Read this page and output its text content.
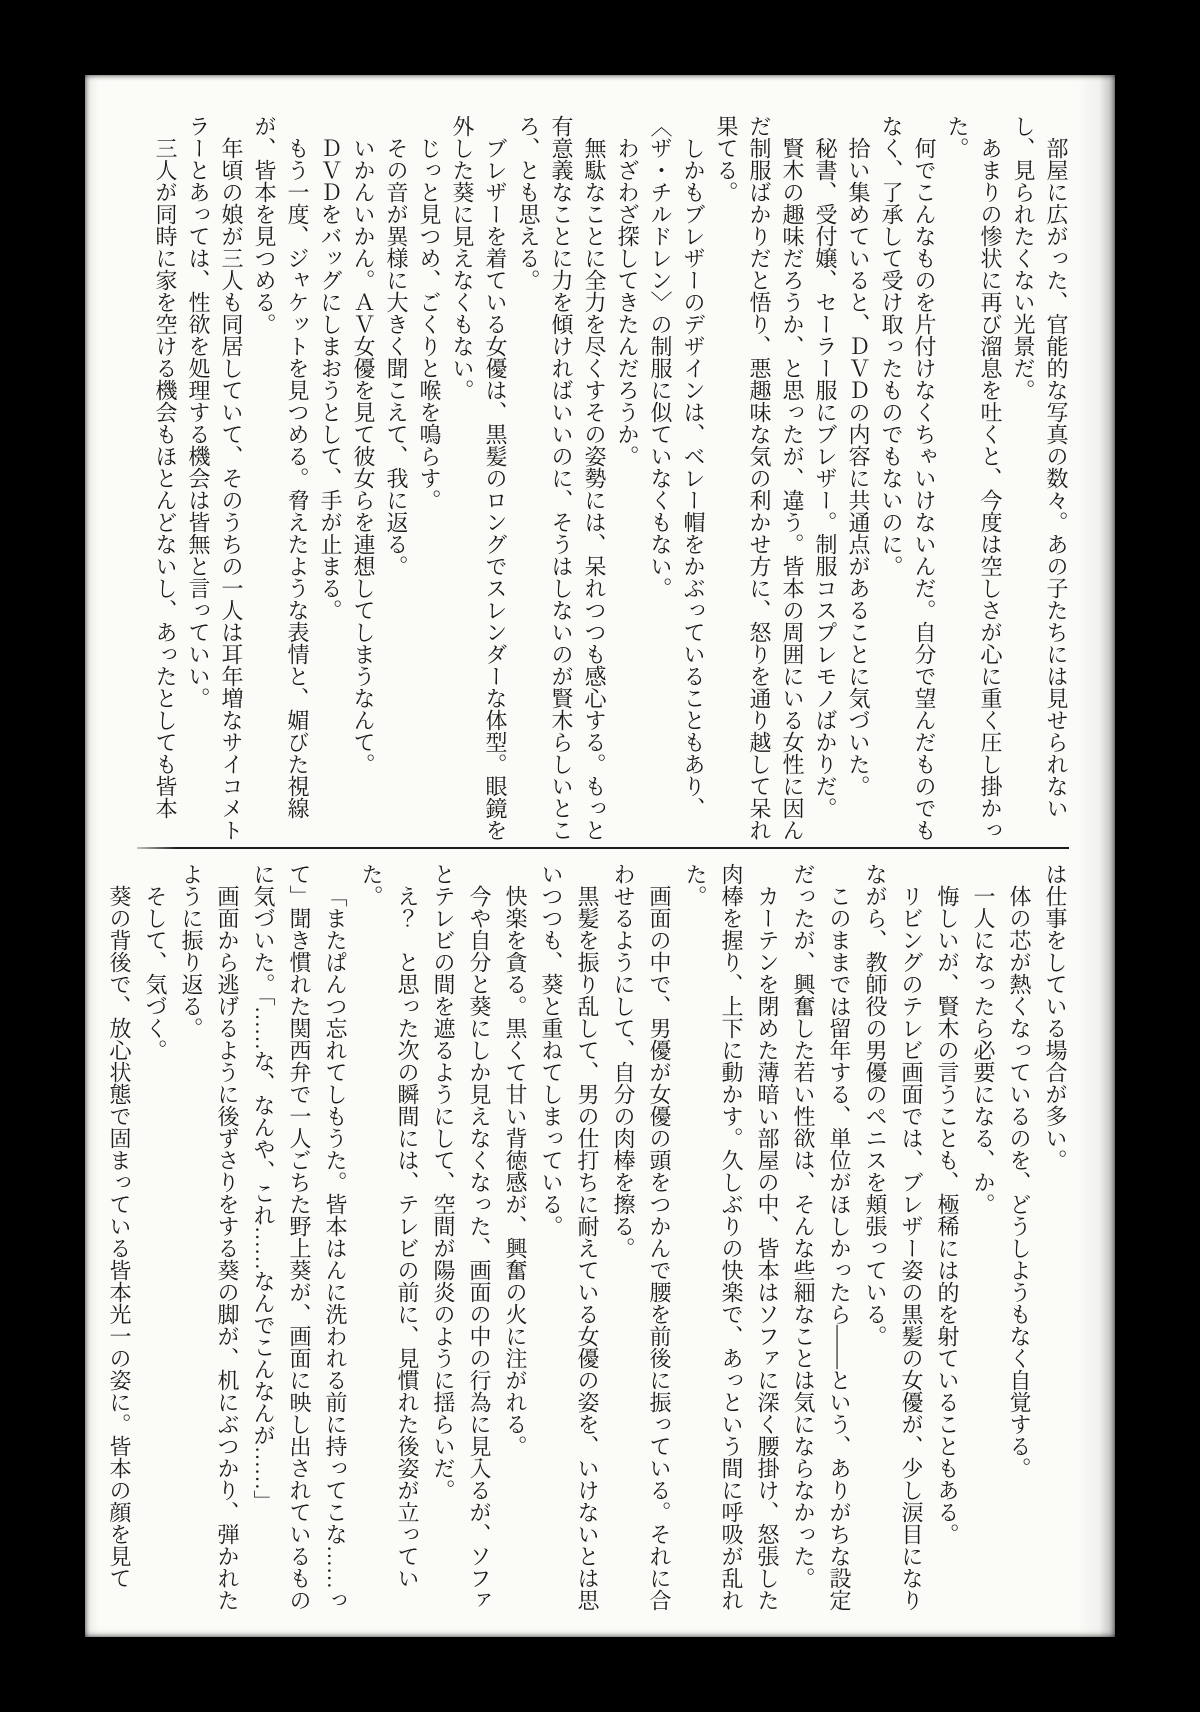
部屋に広がった、官能的な写真の数々。あの子たちには見せられないし、見られたくない光景だ。

あまりの惨状に再び溜息を吐くと、今度は空しさが心に重く圧し掛かった。

何でこんなものを片付けなくちゃいけないんだ。自分で望んだものでもなく、了承して受け取ったものでもないのに。

拾い集めていると、ＤＶＤの内容に共通点があることに気づいた。

秘書、受付嬢、セーラー服にブレザー。制服コスプレモノばかりだ。

賢木の趣味だろうか、と思ったが、違う。皆本の周囲にいる女性に因んだ制服ばかりだと悟り、悪趣味な気の利かせ方に、怒りを通り越して呆れ果てる。

しかもブレザーのデザインは、ベレー帽をかぶっていることもあり、〈ザ・チルドレン〉の制服に似ていなくもない。

わざわざ探してきたんだろうか。

無駄なことに全力を尽くすその姿勢には、呆れつつも感心する。もっと有意義なことに力を傾ければいいのに、そうはしないのが賢木らしいところ、とも思える。

ブレザーを着ている女優は、黒髪のロングでスレンダーな体型。眼鏡を外した葵に見えなくもない。

じっと見つめ、ごくりと喉を鳴らす。

その音が異様に大きく聞こえて、我に返る。

いかんいかん。ＡＶ女優を見て彼女らを連想してしまうなんて。

ＤＶＤをバッグにしまおうとして、手が止まる。

もう一度、ジャケットを見つめる。脅えたような表情と、媚びた視線が、皆本を見つめる。

年頃の娘が三人も同居していて、そのうちの一人は耳年増なサイコメトラーとあっては、性欲を処理する機会は皆無と言っていい。

三人が同時に家を空ける機会もほとんどないし、あったとしても皆本

は仕事をしている場合が多い。

体の芯が熱くなっているのを、どうしようもなく自覚する。

一人になったら必要になる、か。

悔しいが、賢木の言うことも、極稀には的を射ていることもある。

リビングのテレビ画面では、ブレザー姿の黒髪の女優が、少し涙目になりながら、教師役の男優のペニスを頬張っている。

このままでは留年する、単位がほしかったら――という、ありがちな設定だったが、興奮した若い性欲は、そんな些細なことは気にならなかった。

カーテンを閉めた薄暗い部屋の中、皆本はソファに深く腰掛け、怒張した肉棒を握り、上下に動かす。久しぶりの快楽で、あっという間に呼吸が乱れた。

画面の中で、男優が女優の頭をつかんで腰を前後に振っている。それに合わせるようにして、自分の肉棒を擦る。

黒髪を振り乱して、男の仕打ちに耐えている女優の姿を、いけないとは思いつつも、葵と重ねてしまっている。

快楽を貪る。黒くて甘い背徳感が、興奮の火に注がれる。

今や自分と葵にしか見えなくなった、画面の中の行為に見入るが、ソファとテレビの間を遮るようにして、空間が陽炎のように揺らいだ。

え？　と思った次の瞬間には、テレビの前に、見慣れた後姿が立っていた。

「またぱんつ忘れてしもうた。皆本はんに洗われる前に持ってこな……って」聞き慣れた関西弁で一人ごちた野上葵が、画面に映し出されているものに気づいた。「……な、なんや、これ……なんでこんなんが……」

画面から逃げるように後ずさりをする葵の脚が、机にぶつかり、弾かれたように振り返る。

そして、気づく。

葵の背後で、放心状態で固まっている皆本光一の姿に。皆本の顔を見て
